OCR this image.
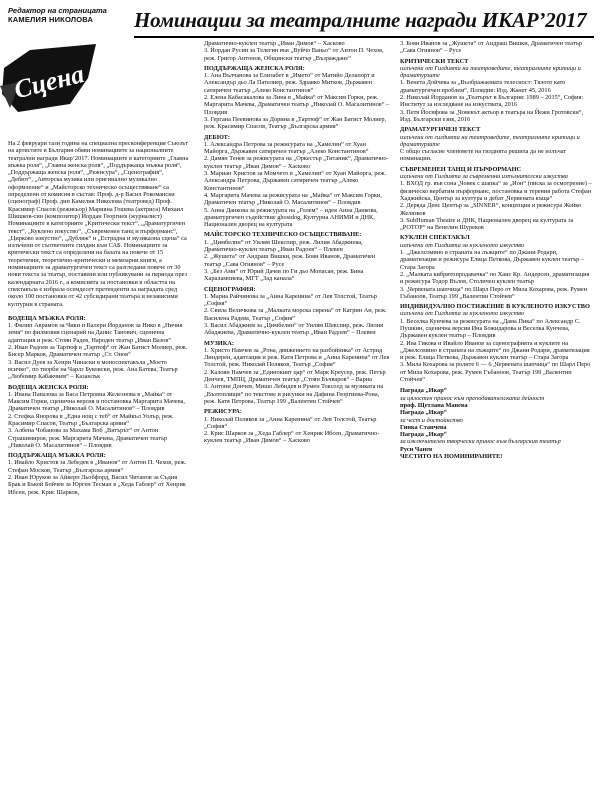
Редактор на страницата
КАМЕЛИЯ НИКОЛОВА
Сцена
Номинации за театралните награди ИКАР’2017

На 2 февруари тази година на специална пресконференция Съюзът на артистите в България обяви номинациите за националните театрални награди Икар’2017. Номинациите в категориите „Главна мъжка роля“, „Главна женска роля“, „Поддържаща мъжка роля“, „Поддържаща женска роля“, „Режисура“, „Сценография“, „Дебют“, „Авторска музика или оригинално музикално оформление“ и „Майсторско техническо осъществяване“ са определени от комисия в състав: Проф. д-р Васил Рокомански (сценограф) Проф. дин Камелия Николова (театровед) Проф. Красимир Спасов (режисьор) Марияна Гошева (актриса) Михаил Шишков-син (композитор) Йордан Георгиев (журналист) Номинациите в категориите „Критически текст“, „Драматургичен текст“, „Куклено изкуство“, „Съвременен танц и пърформанс“, „Цирково изкуство“, „Дубляж“ и „Естрадна и музикална сцена“ са излъчени от съответните гилдии към САБ. Номинациите за критически текст са определени на базата на повече от 15 теоретични, теоретично-критически и мемоарни книги, а номинациите за драматургичен текст са разгледани повече от 30 нови текста за театър, поставени или публикувани за периода през календарната 2016 г., а комисията за постановки в областта на спектакъла е избрала осемдесет претенденти за наградата сред около 100 постановки от 42 субсидирани театъра и независими културни в страната.

ВОДЕЩА МЪЖКА РОЛЯ:

1. Филип Аврамов за Чики и Валери Йорданов за Нико в „Ничия земя“ по филмовия сценарий на Данис Танович, сценична адаптация и реж. Стоян Радев, Народен театър „Иван Вазов“

2. Иван Радоев за Тартюф в „Тартюф“ от Жан Батист Молиер, реж. Бисер Марков, Драматичен театър „Ст. Онов“

3. Васил Дуев за Хенри Чинаски в моноспектакъла „Моето всичко“, по творби на Чарлз Буковски, реж. Ана Батева, Театър „Любомир Кабакчиев“ – Казанлък

ВОДЕЩА ЖЕНСКА РОЛЯ:

1. Ивана Папазова за Васа Петровна Железнова в „Майка“ от Максим Горки, сценична версия и постановка Маргарита Мачева, Драматичен театър „Николай О. Масалитинов“ – Пловдив

2. Стефка Янорова в „Една нощ с теб“ от Майкъл Уолър, реж. Красимир Спасов, Театър „Българска армия“

3. Албена Чобанова за Махама Воб „Вятърът“ от Антон Страшимиров, реж. Маргарита Мачева, Драматичен театър „Николай О. Масалитинов“ – Пловдив

ПОДДЪРЖАЩА МЪЖКА РОЛЯ:

1. Ивайло Христов за Лебедев в „Иванов“ от Антон П. Чехов, реж. Стефан Москов, Театър „Българска армия“

2. Иван Юруков за Айкерп Льобфорд, Васил Читанов за Съдия Брак и Бъкой Бойчев за Юрген Тесман в „Хеда Габлер“ от Хенрик Ибсен, реж. Крис Шарков,

Драматично-куклен театър „Иван Димов“ – Хасково

3. Йордан Русин за Телегин във „Вуйчо Ваньо“ от Антон П. Чехов, реж. Григор Антонов, Общински театър „Възраждане“

ПОДДЪРЖАЩА ЖЕНСКА РОЛЯ:

1. Ана Вълчанова за Елизабет в „Името“ от Матийо Делапорт и Александър дьо Ла Пателиер, реж. Здравко Митков, Държавен сатиричен театър „Алеко Константинов“

2. Елена Кабасакалова за Лина в „Майка“ от Максим Горки, реж. Маргарита Мачева, Драматичен театър „Николай О. Масалитинов“ – Пловдив

3. Гергана Пеевинова за Дорина в „Тартюф“ от Жан Батист Молиер, реж. Красимир Спасов, Театър „Българска армия“

ДЕБЮТ:

1. Александра Петрова за режисурата на „Хамелин“ от Хуан Майорга, Държавен сатиричен театър „Алеко Константинов“

2. Дамян Тенев за режисурата на „Оркестър „Титаник“, Драматично-куклен театър „Иван Димов“ – Хасково

3. Мариан Христов за Момчето в „Хамелин“ от Хуан Майорга, реж. Александра Петрова, Държавен сатиричен театър „Алеко Константинов“

4. Маргарита Мачева за режисурата на „Майка“ от Максим Горки, Драматичен театър „Николай О. Масалитинов“ – Пловдив

5. Анна Данкова за режисурата на „Голем“ – идея Анна Данкова, драматургичен съдействие ghostdog, Културна АНИМИ и ДНК, Национален дворец на културата

МАЙСТОРСКО ТЕХНИЧЕСКО ОСЪЩЕСТВЯВАНЕ:

1. „Цимбелин“ от Уилям Шекспир, реж. Лилия Абаджиева, Драматично-куклен театър „Иван Радоев“ – Плевен

2. „Жушета“ от Андраш Вишки, реж. Боян Иванов, Драматичен театър „Сава Огнянов“ – Русе

3. „Без Ами“ от Юрий Дачев по Ги дьо Мопасан, реж. Бина Харалампиева, МГТ „Зад канала“

СЦЕНОГРАФИЯ:

1. Мариа Райчинова за „Анна Каренина“ от Лев Толстой, Театър „София“

2. Свила Величкова за „Малката морска сирена“ от Катрин Ан, реж. Василена Радева, Театър „София“

3. Васил Абаджиев за „Цимбелин“ от Уилям Шекспир, реж. Лилия Абаджиева, Драматично-куклен театър „Иван Радоев“ – Плевен

МУЗИКА:

1. Христо Намчев за „Рона, движението на разбойника“ от Астрид Линдерен, адаптация и реж. Катя Петрова и „Анна Каренина“ от Лев Толстой, реж. Николай Поляков, Театър „София“

2. Калоян Намчев за „Единокият цар“ от Марк Креусер, реж. Петър Денчев, ТМПЦ, Драматичен театър „Стоян Бъчваров“ – Варна

3. Антони Дончев, Мишо Лебидев и Румен Токсолд за музиката на „Възтоплищи“ по текстове и рисунки на Дафина Георгиева-Рона, реж. Катя Петрова, Театър 199 „Валентин Стойчев“

РЕЖИСУРА:

1. Николай Поляков за „Анна Каренина“ от Лев Толстой, Театър „София“

2. Крис Шарков за „Хеда Габлер“ от Хенрик Ибсен, Драматично-куклен театър „Иван Димов“ – Хасково

3. Боян Иванов за „Жушета“ от Андраш Вишки, Драматичен театър „Сава Огнянов“ – Русе

КРИТИЧЕСКИ ТЕКСТ

излъчени от Гилдията на театроведите, театралните критици и драматурзите

1. Венета Дойчева за „Въображаемата телесност: Тялото като драматургичен проблем“, Пловдив: Изд. Жанет 45, 2016

2. Николай Йорданов за „Театърът в България: 1989 – 2015“, София: Институт за изследване на изкуствата, 2016

3. Петя Йосифова за „Човекът актьор в театъра на Йежи Гротовски“, Изд. Български език, 2016

ДРАМАТУРГИЧЕН ТЕКСТ

излъчени от гилдията на театроведите, театралните критици и драматурзите

С общо съгласие членовете на гилдията решиха да не излъчат номинации.

СЪВРЕМЕНЕН ТАНЦ И ПЪРФОРМАНС

излъчени от Гилдията за съвременни изпълнителски изкуства

1. ВХОД гр. във сона „Човек с шапка“ за „Ион“ (писка за осмотрение) – физическо вербатим пърформанс, постановка и терения работа Стефан Хаджийска, Център за култура и дебат „Червената къща“

2. Деряда Денс Център за „SINNER“, концепция и режисура Жейко Желязков

3. SubHuman Theatre и ДНК, Национален дворец на културата за „РОТОР“ на Венелин Шуреков

КУКЛЕН СПЕКТАКЪЛ

излъчени от Гилдията за кукленото изкуство

1. „Джелсомино в страната на лъжците“ по Джани Родари, драматизация и режисура Елица Петкова, Държавен куклен театър – Стара Загора

2. „Малката кибритопродавачка“ по Ханс Кр. Андерсен, драматизация и режисура Тодор Вълов, Столичен куклен театър

3. „Червената шапчица“ по Шарл Перо от Мила Кохарова, реж. Румен Гъбаноов, Театър 199 „Валентин Стойчев“

ИНДИВИДУАЛНО ПОСТИЖЕНИЕ В КУКЛЕНОТО ИЗКУСТВО

излъчени от Гилдията за кукленото изкуство

1. Веселка Кунчева за режисурата на „Дама Пика“ по Александр С. Пушкин, сценична версия Ина Божидарова и Веселка Кунчева, Държавен куклен театър – Пловдив

2. Ива Гикова и Ивайло Иванов за сценографията и куклите на „Джелсомино в страната на лъжците“ по Джани Родари, драматизация и реж. Елица Петкова, Държавен куклен театър – Стара Загора

3. Мила Кохарова за ролите 6 — 6 „Червената шапчица“ по Шарл Перо от Мила Кохарова, реж. Румен Гъбаноов, Театър 199 „Валентин Стойчев“

Награда „Икар“

за цялостен принос към преподавателската дейност

проф. Щетлана Манева

Награда „Икар“

за чест и достойнство

Гинка Станчева

Награда „Икар“

за изключителен творчески принос към българския театър

Руси Чанев

ЧЕСТИТО НА НОМИНИРАНИТЕ!
